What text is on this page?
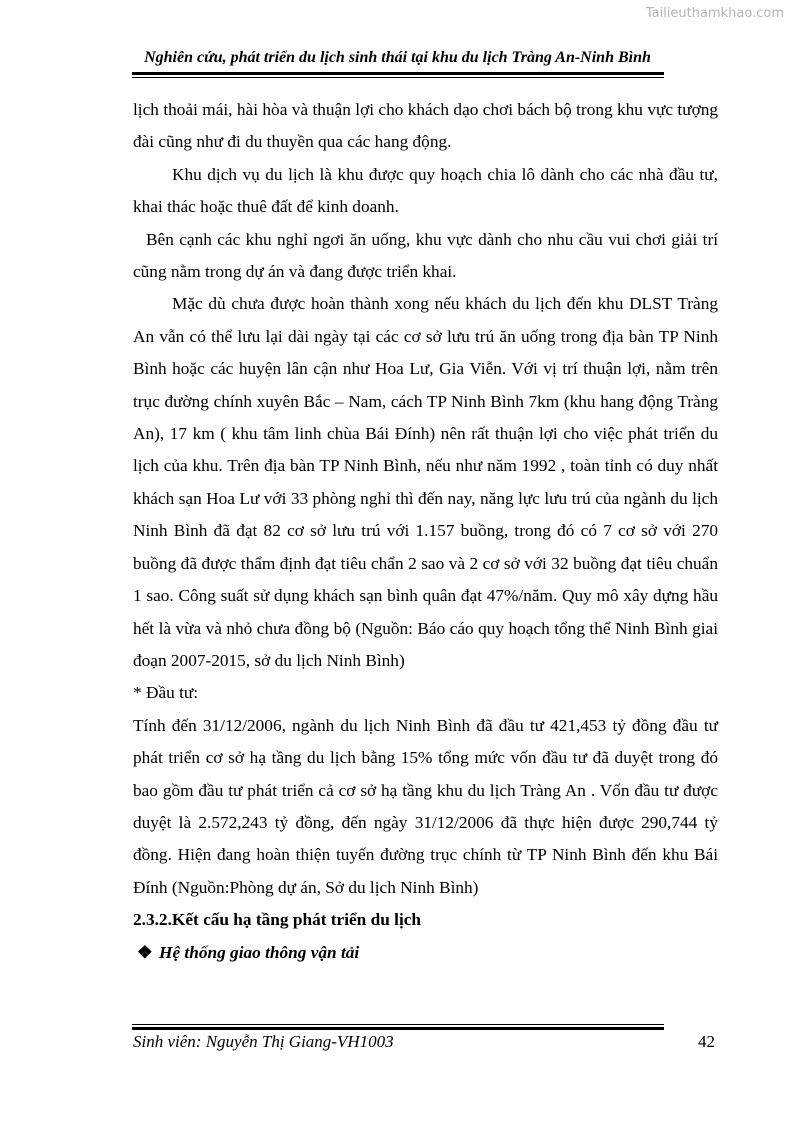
Tailieuthamkhao.com
Nghiên cứu, phát triển du lịch sinh thái tại khu du lịch Tràng An-Ninh Bình

lịch thoải mái, hài hòa và thuận lợi cho khách dạo chơi bách bộ trong khu vực tượng đài cũng như đi du thuyền qua các hang động.

Khu dịch vụ du lịch là khu được quy hoạch chia lô dành cho các nhà đầu tư, khai thác hoặc thuê đất để kinh doanh.

Bên cạnh các khu nghỉ ngơi ăn uống, khu vực dành cho nhu cầu vui chơi giải trí cũng nằm trong dự án và đang được triển khai.

Mặc dù chưa được hoàn thành xong nếu khách du lịch đến khu DLST Tràng An vẫn có thể lưu lại dài ngày tại các cơ sở lưu trú ăn uống trong địa bàn TP Ninh Bình hoặc các huyện lân cận như Hoa Lư, Gia Viễn. Với vị trí thuận lợi, nằm trên trục đường chính xuyên Bắc – Nam, cách TP Ninh Bình 7km (khu hang động Tràng An), 17 km ( khu tâm linh chùa Bái Đính) nên rất thuận lợi cho việc phát triển du lịch của khu. Trên địa bàn TP Ninh Bình, nếu như năm 1992 , toàn tỉnh có duy nhất khách sạn Hoa Lư với 33 phòng nghỉ thì đến nay, năng lực lưu trú của ngành du lịch Ninh Bình đã đạt 82 cơ sở lưu trú với 1.157 buồng, trong đó có 7 cơ sở với 270 buồng đã được thẩm định đạt tiêu chẩn 2 sao và 2 cơ sở với 32 buồng đạt tiêu chuẩn 1 sao. Công suất sử dụng khách sạn bình quân đạt 47%/năm. Quy mô xây dựng hầu hết là vừa và nhỏ chưa đồng bộ (Nguồn: Báo cáo quy hoạch tổng thể Ninh Bình giai đoạn 2007-2015, sở du lịch Ninh Bình)

* Đầu tư:

Tính đến 31/12/2006, ngành du lịch Ninh Bình đã đầu tư 421,453 tỷ đồng đầu tư phát triển cơ sở hạ tầng du lịch bằng 15% tổng mức vốn đầu tư đã duyệt trong đó bao gồm đầu tư phát triển cả cơ sở hạ tầng khu du lịch Tràng An . Vốn đầu tư được duyệt là 2.572,243 tỷ đồng, đến ngày 31/12/2006 đã thực hiện được 290,744 tỷ đồng. Hiện đang hoàn thiện tuyến đường trục chính từ TP Ninh Bình đến khu Bái Đính (Nguồn:Phòng dự án, Sở du lịch Ninh Bình)

2.3.2.Kết cấu hạ tầng phát triển du lịch

❖ Hệ thống giao thông vận tải

Sinh viên: Nguyễn Thị Giang-VH1003	42
